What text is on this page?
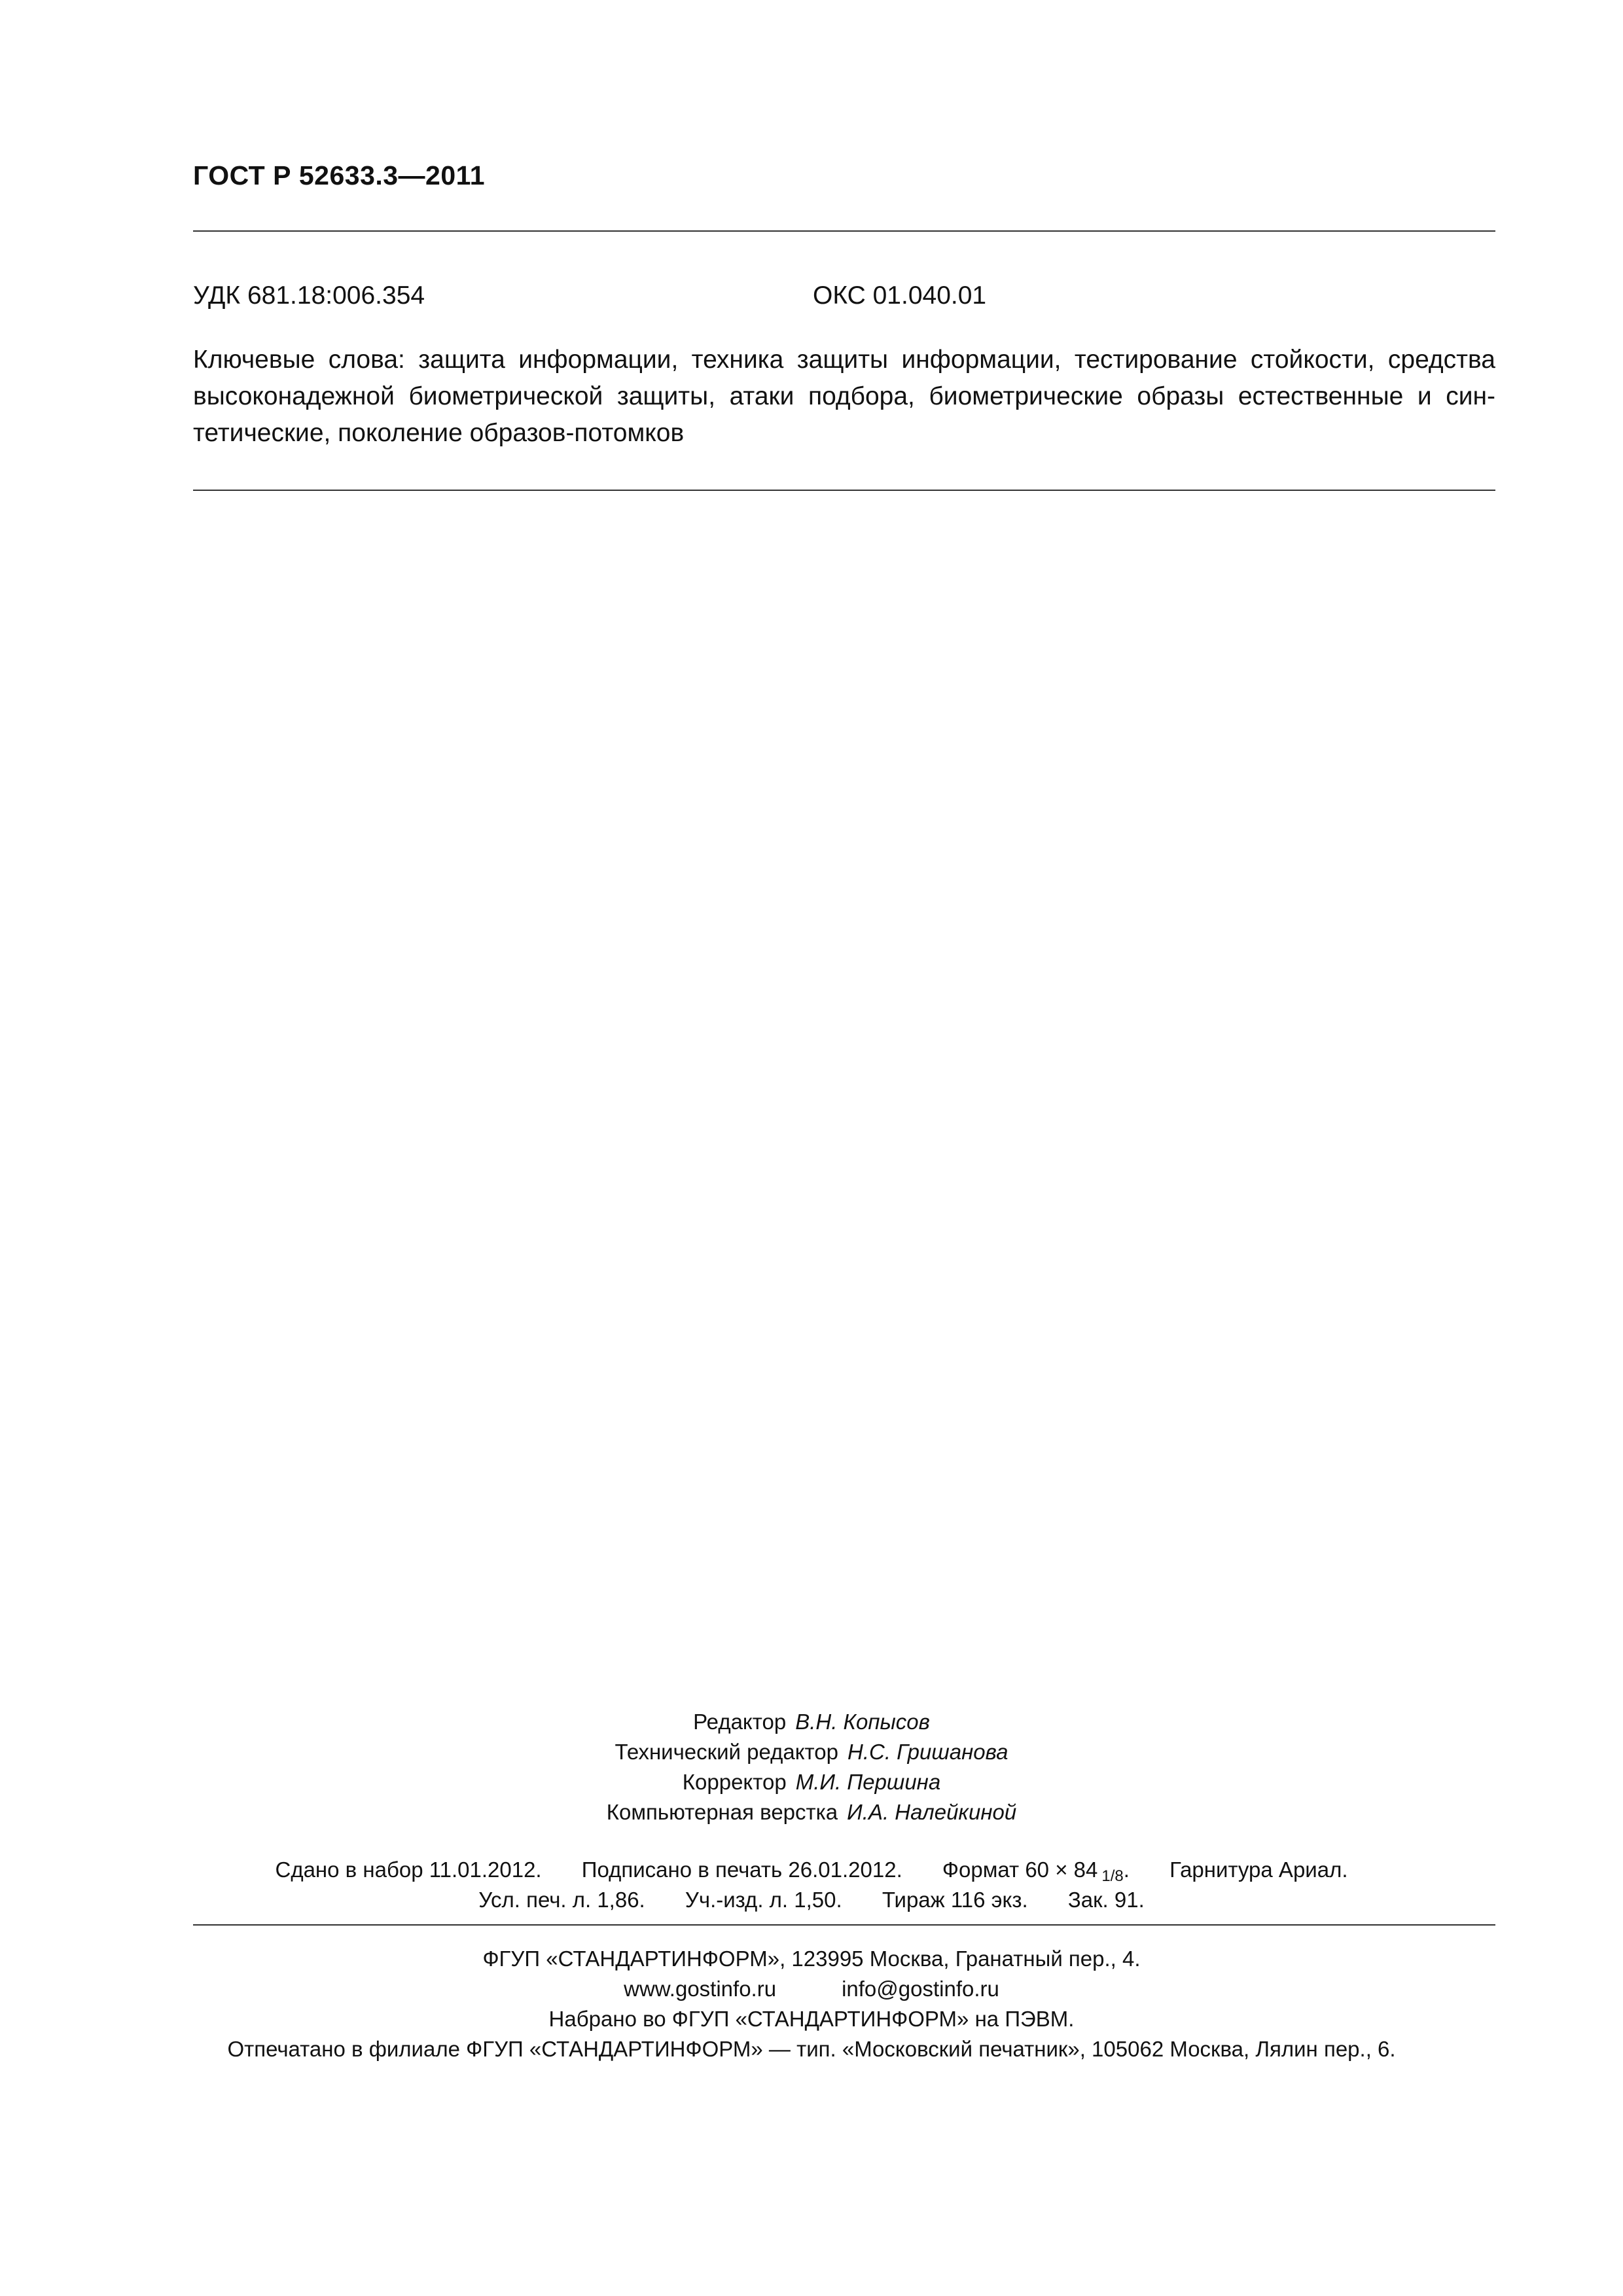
ГОСТ Р 52633.3—2011
УДК 681.18:006.354	ОКС 01.040.01
Ключевые слова: защита информации, техника защиты информации, тестирование стойкости, средства
высоконадежной биометрической защиты, атаки подбора, биометрические образы естественные и син-
тетические, поколение образов-потомков
Редактор В.Н. Копысов
Технический редактор Н.С. Гришанова
Корректор М.И. Першина
Компьютерная верстка И.А. Налейкиной
Сдано в набор 11.01.2012. Подписано в печать 26.01.2012. Формат 60 × 84 1/8. Гарнитура Ариал.
Усл. печ. л. 1,86. Уч.-изд. л. 1,50. Тираж 116 экз. Зак. 91.
ФГУП «СТАНДАРТИНФОРМ», 123995 Москва, Гранатный пер., 4.
www.gostinfo.ru	info@gostinfo.ru
Набрано во ФГУП «СТАНДАРТИНФОРМ» на ПЭВМ.
Отпечатано в филиале ФГУП «СТАНДАРТИНФОРМ» — тип. «Московский печатник», 105062 Москва, Лялин пер., 6.
